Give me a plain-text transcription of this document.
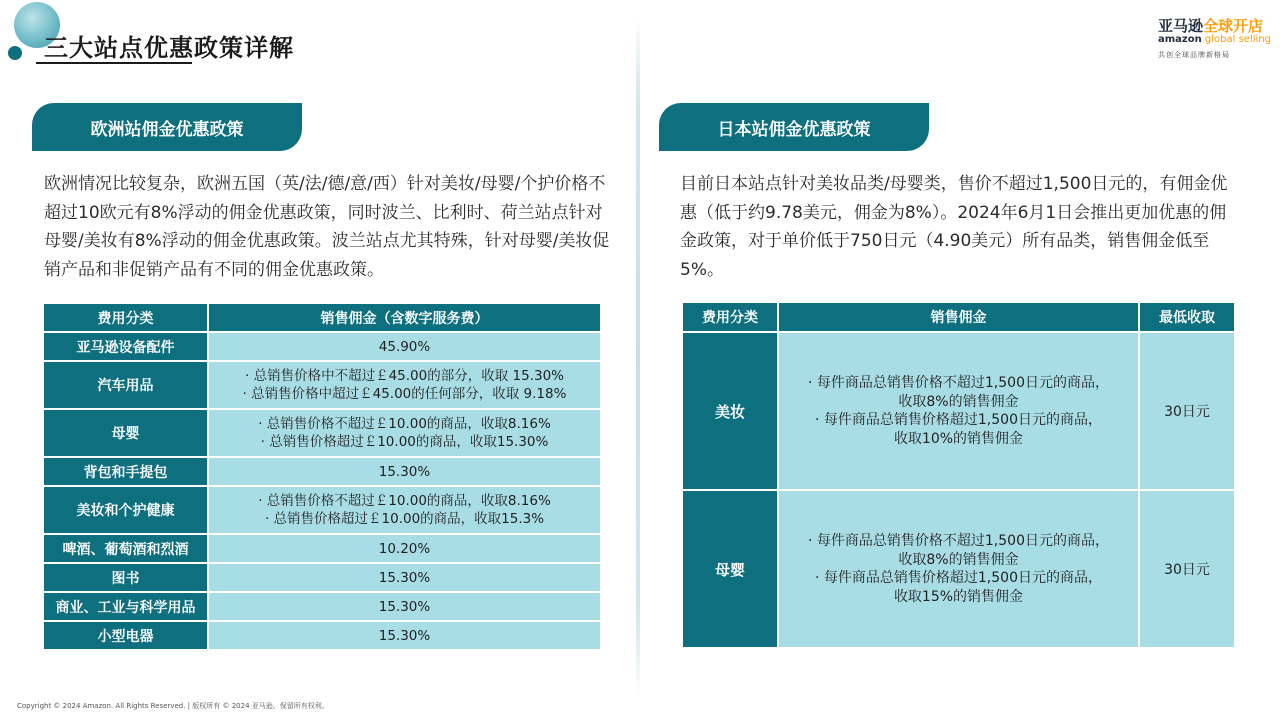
三大站点优惠政策详解
亚马逊全球开店
amazon global selling
共创全球品牌新格局
欧洲站佣金优惠政策
欧洲情况比较复杂，欧洲五国（英/法/德/意/西）针对美妆/母婴/个护价格不超过10欧元有8%浮动的佣金优惠政策，同时波兰、比利时、荷兰站点针对母婴/美妆有8%浮动的佣金优惠政策。波兰站点尤其特殊，针对母婴/美妆促销产品和非促销产品有不同的佣金优惠政策。
费用分类	销售佣金（含数字服务费）
亚马逊设备配件	45.90%

汽车用品	· 总销售价格中不超过￡45.00的部分，收取 15.30%
· 总销售价格中超过￡45.00的任何部分，收取 9.18%

母婴	· 总销售价格不超过￡10.00的商品，收取8.16%
· 总销售价格超过￡10.00的商品，收取15.30%

背包和手提包	15.30%

美妆和个护健康	· 总销售价格不超过￡10.00的商品，收取8.16%
· 总销售价格超过￡10.00的商品，收取15.3%

啤酒、葡萄酒和烈酒	10.20%

图书	15.30%

商业、工业与科学用品	15.30%

小型电器	15.30%
日本站佣金优惠政策
目前日本站点针对美妆品类/母婴类，售价不超过1,500日元的，有佣金优惠（低于约9.78美元，佣金为8%）。2024年6月1日会推出更加优惠的佣金政策，对于单价低于750日元（4.90美元）所有品类，销售佣金低至5%。
费用分类	销售佣金	最低收取
美妆	· 每件商品总销售价格不超过1,500日元的商品，
收取8%的销售佣金
· 每件商品总销售价格超过1,500日元的商品，
收取10%的销售佣金	30日元
母婴	· 每件商品总销售价格不超过1,500日元的商品，
收取8%的销售佣金
· 每件商品总销售价格超过1,500日元的商品，
收取15%的销售佣金	30日元
Copyright © 2024 Amazon. All Rights Reserved. | 版权所有 © 2024 亚马逊。保留所有权利。
